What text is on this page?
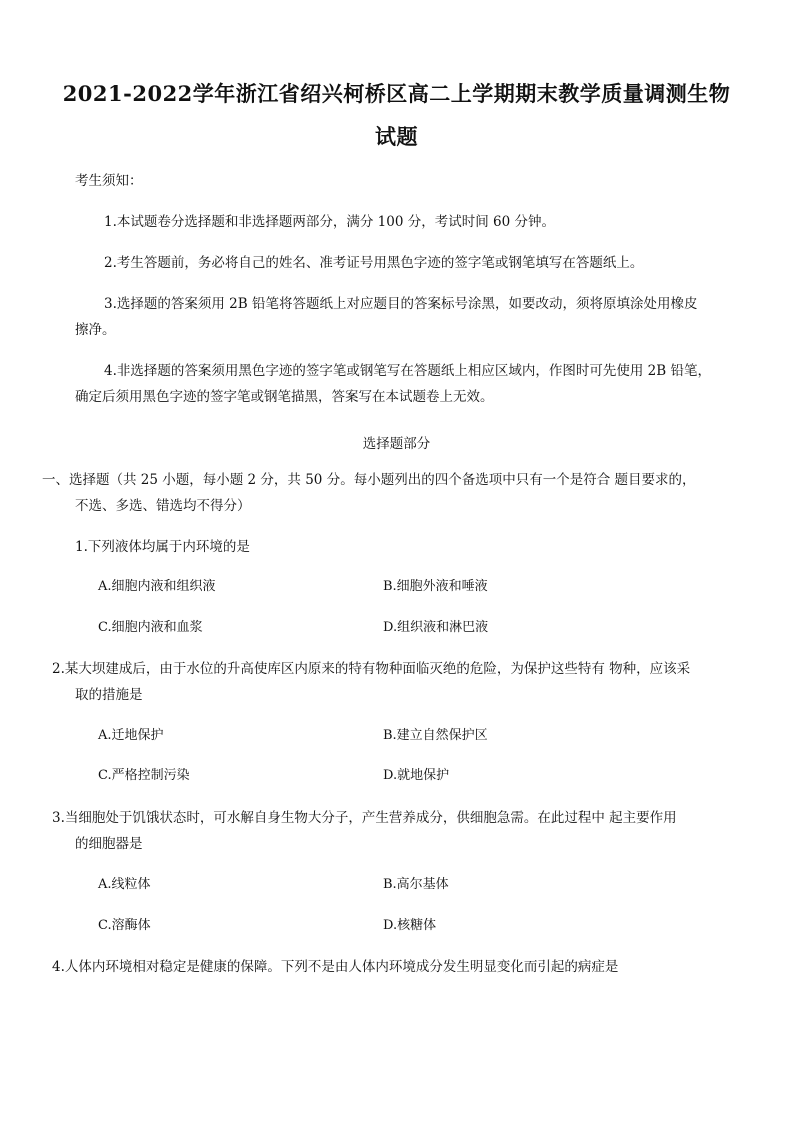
2021-2022学年浙江省绍兴柯桥区高二上学期期末教学质量调测生物
试题
考生须知：
1.本试题卷分选择题和非选择题两部分，满分 100 分，考试时间 60 分钟。
2.考生答题前，务必将自己的姓名、准考证号用黑色字迹的签字笔或钢笔填写在答题纸上。
3.选择题的答案须用 2B 铅笔将答题纸上对应题目的答案标号涂黑，如要改动，须将原填涂处用橡皮
擦净。
4.非选择题的答案须用黑色字迹的签字笔或钢笔写在答题纸上相应区域内，作图时可先使用 2B 铅笔，
确定后须用黑色字迹的签字笔或钢笔描黑，答案写在本试题卷上无效。
选择题部分
一、选择题（共 25 小题，每小题 2 分，共 50 分。每小题列出的四个备选项中只有一个是符合 题目要求的，
不选、多选、错选均不得分）
1.下列液体均属于内环境的是
A.细胞内液和组织液	B.细胞外液和唾液
C.细胞内液和血浆	D.组织液和淋巴液
2.某大坝建成后，由于水位的升高使库区内原来的特有物种面临灭绝的危险，为保护这些特有 物种，应该采
取的措施是
A.迁地保护	B.建立自然保护区
C.严格控制污染	D.就地保护
3.当细胞处于饥饿状态时，可水解自身生物大分子，产生营养成分，供细胞急需。在此过程中 起主要作用
的细胞器是
A.线粒体	B.高尔基体
C.溶酶体	D.核糖体
4.人体内环境相对稳定是健康的保障。下列不是由人体内环境成分发生明显变化而引起的病症是
